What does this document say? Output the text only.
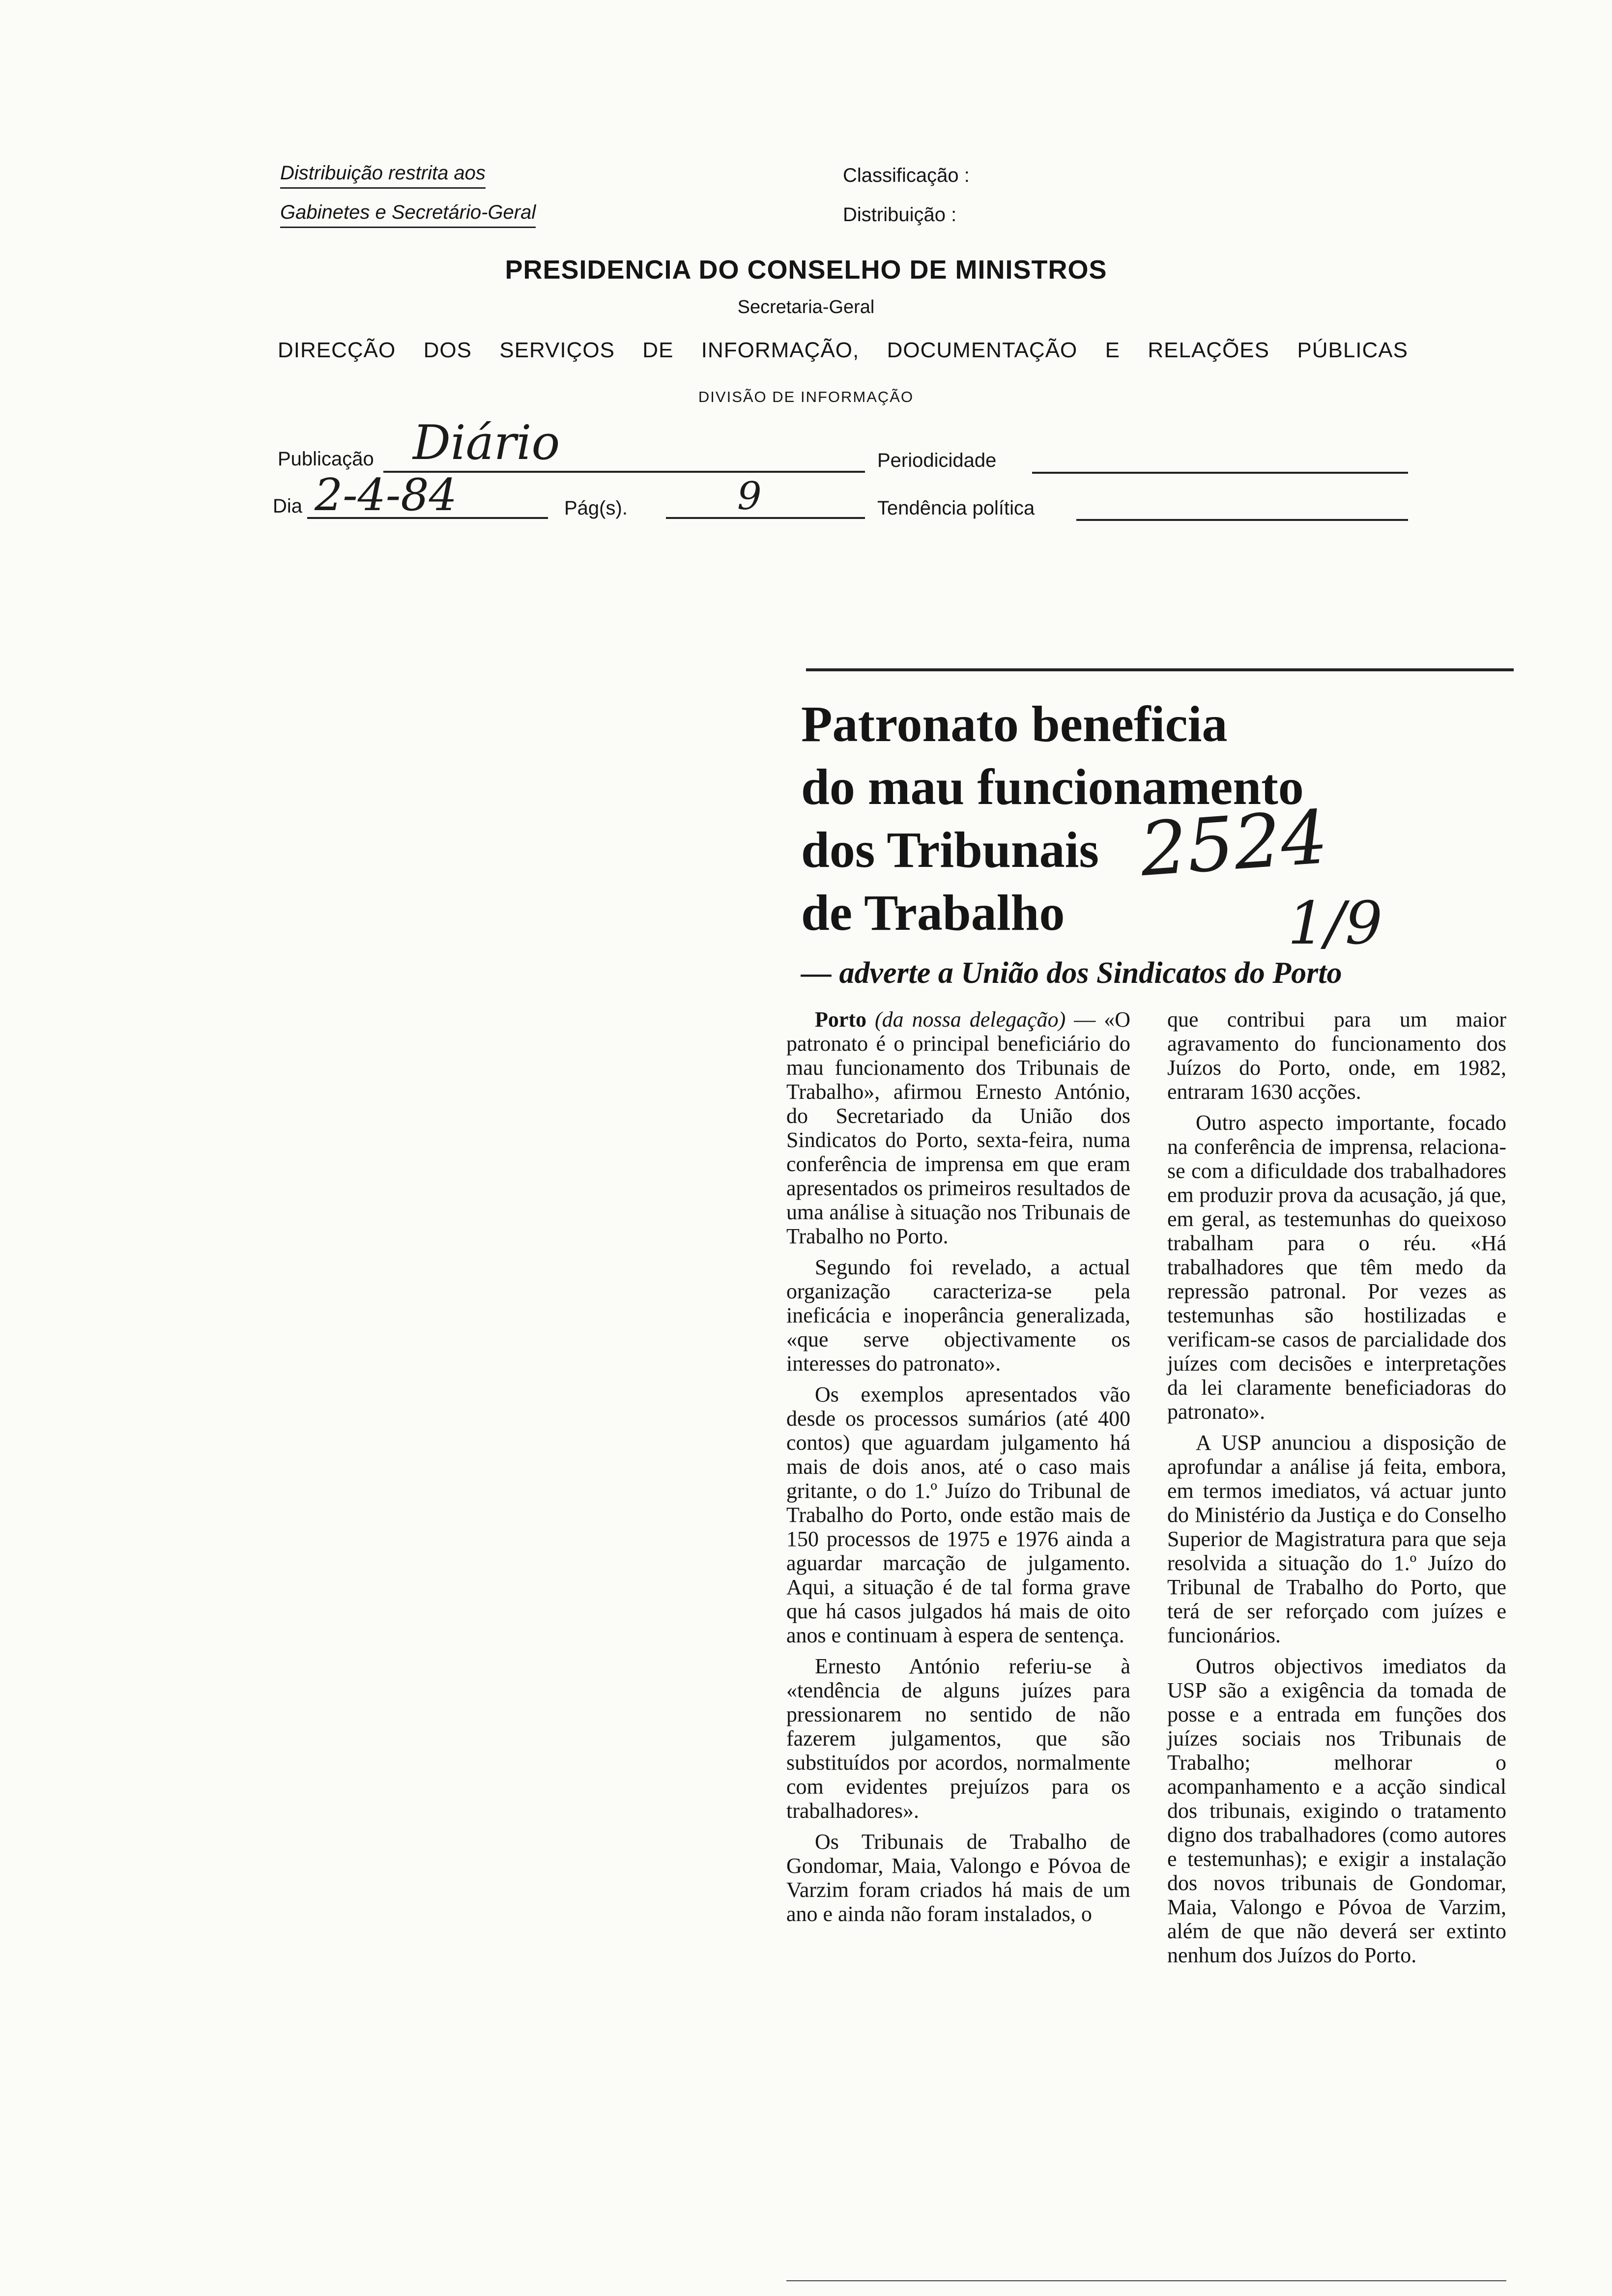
Distribuição restrita aos
Gabinetes e Secretário-Geral
Classificação :
Distribuição :
PRESIDENCIA DO CONSELHO DE MINISTROS
Secretaria-Geral
DIRECÇÃO DOS SERVIÇOS DE INFORMAÇÃO, DOCUMENTAÇÃO E RELAÇÕES PÚBLICAS
DIVISÃO DE INFORMAÇÃO
Publicação Diário	Periodicidade
Dia 2-4-84	Pág(s).	9	Tendência política
Patronato beneficia
do mau funcionamento
dos Tribunais
de Trabalho
2524
1/9
— adverte a União dos Sindicatos do Porto

Porto (da nossa delegação) — «O patronato é o principal beneficiário do mau funcionamento dos Tribunais de Trabalho», afirmou Ernesto António, do Secretariado da União dos Sindicatos do Porto, sexta-feira, numa conferência de imprensa em que eram apresentados os primeiros resultados de uma análise à situação nos Tribunais de Trabalho no Porto.

Segundo foi revelado, a actual organização caracteriza-se pela ineficácia e inoperância generalizada, «que serve objectivamente os interesses do patronato».

Os exemplos apresentados vão desde os processos sumários (até 400 contos) que aguardam julgamento há mais de dois anos, até o caso mais gritante, o do 1.º Juízo do Tribunal de Trabalho do Porto, onde estão mais de 150 processos de 1975 e 1976 ainda a aguardar marcação de julgamento. Aqui, a situação é de tal forma grave que há casos julgados há mais de oito anos e continuam à espera de sentença.

Ernesto António referiu-se à «tendência de alguns juízes para pressionarem no sentido de não fazerem julgamentos, que são substituídos por acordos, normalmente com evidentes prejuízos para os trabalhadores».

Os Tribunais de Trabalho de Gondomar, Maia, Valongo e Póvoa de Varzim foram criados há mais de um ano e ainda não foram instalados, o

que contribui para um maior agravamento do funcionamento dos Juízos do Porto, onde, em 1982, entraram 1630 acções.

Outro aspecto importante, focado na conferência de imprensa, relaciona-se com a dificuldade dos trabalhadores em produzir prova da acusação, já que, em geral, as testemunhas do queixoso trabalham para o réu. «Há trabalhadores que têm medo da repressão patronal. Por vezes as testemunhas são hostilizadas e verificam-se casos de parcialidade dos juízes com decisões e interpretações da lei claramente beneficiadoras do patronato».

A USP anunciou a disposição de aprofundar a análise já feita, embora, em termos imediatos, vá actuar junto do Ministério da Justiça e do Conselho Superior de Magistratura para que seja resolvida a situação do 1.º Juízo do Tribunal de Trabalho do Porto, que terá de ser reforçado com juízes e funcionários.

Outros objectivos imediatos da USP são a exigência da tomada de posse e a entrada em funções dos juízes sociais nos Tribunais de Trabalho; melhorar o acompanhamento e a acção sindical dos tribunais, exigindo o tratamento digno dos trabalhadores (como autores e testemunhas); e exigir a instalação dos novos tribunais de Gondomar, Maia, Valongo e Póvoa de Varzim, além de que não deverá ser extinto nenhum dos Juízos do Porto.
